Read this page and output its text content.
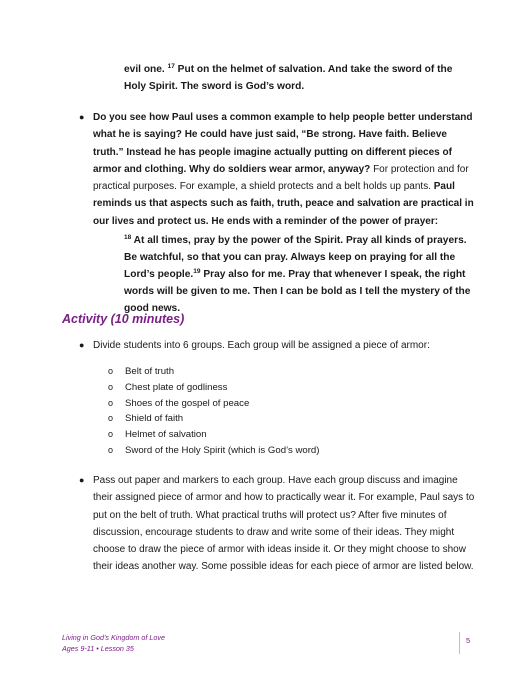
evil one. $^{17}$ Put on the helmet of salvation. And take the sword of the Holy Spirit. The sword is God’s word.
● Do you see how Paul uses a common example to help people better understand what he is saying? He could have just said, “Be strong. Have faith. Believe truth.” Instead he has people imagine actually putting on different pieces of armor and clothing. Why do soldiers wear armor, anyway? For protection and for practical purposes. For example, a shield protects and a belt holds up pants. Paul reminds us that aspects such as faith, truth, peace and salvation are practical in our lives and protect us. He ends with a reminder of the power of prayer:
$^{18}$ At all times, pray by the power of the Spirit. Pray all kinds of prayers. Be watchful, so that you can pray. Always keep on praying for all the Lord’s people.$^{19}$ Pray also for me. Pray that whenever I speak, the right words will be given to me. Then I can be bold as I tell the mystery of the good news.
Activity (10 minutes)
● Divide students into 6 groups. Each group will be assigned a piece of armor:
o Belt of truth
o Chest plate of godliness
o Shoes of the gospel of peace
o Shield of faith
o Helmet of salvation
o Sword of the Holy Spirit (which is God’s word)
● Pass out paper and markers to each group. Have each group discuss and imagine their assigned piece of armor and how to practically wear it. For example, Paul says to put on the belt of truth. What practical truths will protect us? After five minutes of discussion, encourage students to draw and write some of their ideas. They might choose to draw the piece of armor with ideas inside it. Or they might choose to show their ideas another way. Some possible ideas for each piece of armor are listed below.
Living in God’s Kingdom of Love
Ages 9-11 • Lesson 35
5
